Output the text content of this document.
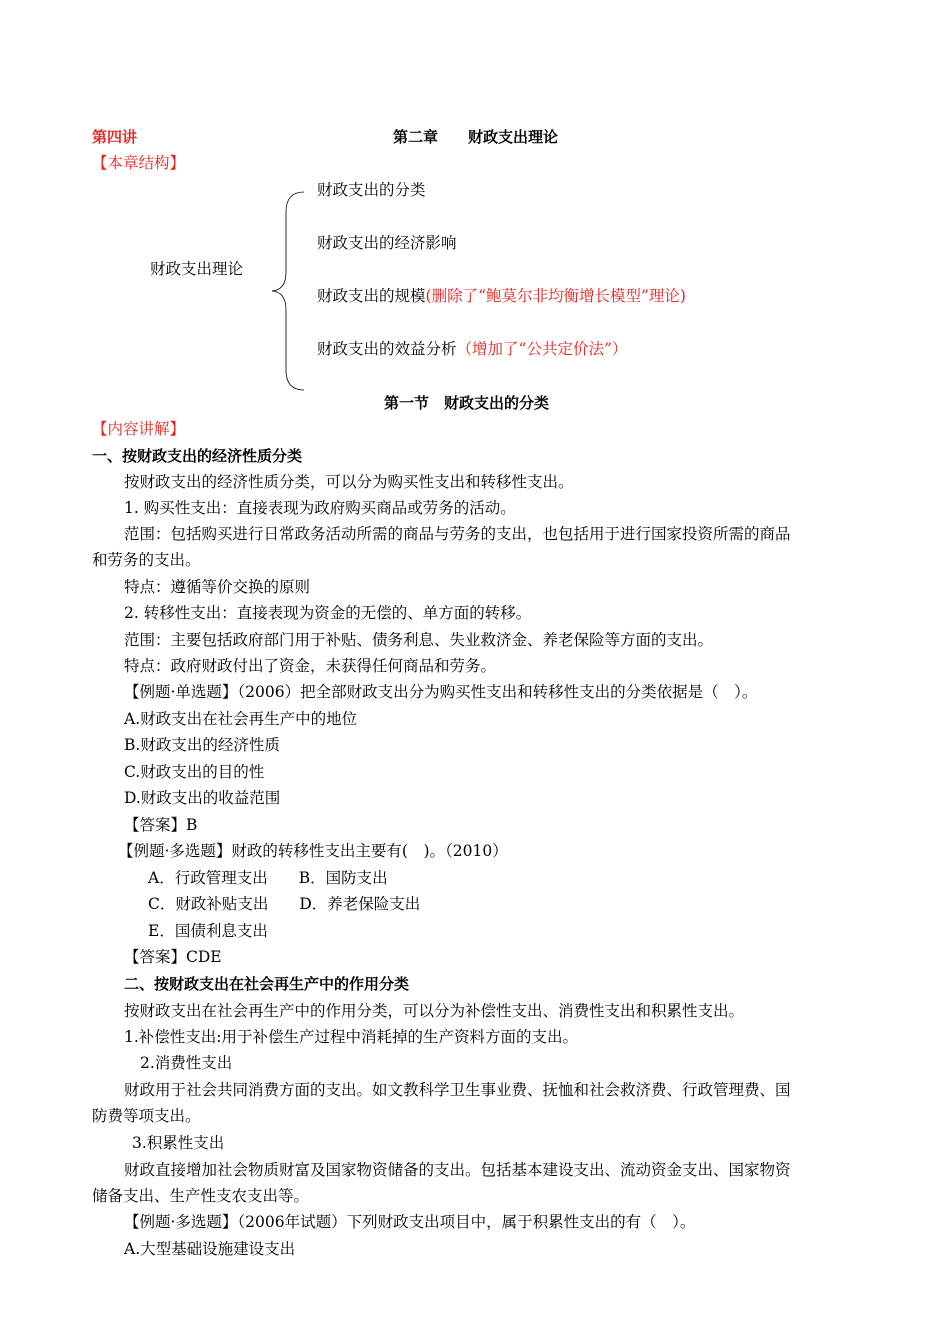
第四讲	第二章　　财政支出理论
【本章结构】
财政支出理论
财政支出的分类
财政支出的经济影响
财政支出的规模(删除了“鲍莫尔非均衡增长模型”理论)
财政支出的效益分析（增加了“公共定价法”）
第一节　财政支出的分类
【内容讲解】
一、按财政支出的经济性质分类
按财政支出的经济性质分类，可以分为购买性支出和转移性支出。
1. 购买性支出：直接表现为政府购买商品或劳务的活动。
范围：包括购买进行日常政务活动所需的商品与劳务的支出，也包括用于进行国家投资所需的商品
和劳务的支出。
特点：遵循等价交换的原则
2. 转移性支出：直接表现为资金的无偿的、单方面的转移。
范围：主要包括政府部门用于补贴、债务利息、失业救济金、养老保险等方面的支出。
特点：政府财政付出了资金，未获得任何商品和劳务。
【例题·单选题】（2006）把全部财政支出分为购买性支出和转移性支出的分类依据是（　）。
A.财政支出在社会再生产中的地位
B.财政支出的经济性质
C.财政支出的目的性
D.财政支出的收益范围
【答案】B
【例题·多选题】财政的转移性支出主要有(　)。（2010）
A．行政管理支出　　B．国防支出
C．财政补贴支出　　D．养老保险支出
E．国债利息支出
【答案】CDE
二、按财政支出在社会再生产中的作用分类
按财政支出在社会再生产中的作用分类，可以分为补偿性支出、消费性支出和积累性支出。
1.补偿性支出:用于补偿生产过程中消耗掉的生产资料方面的支出。
2.消费性支出
财政用于社会共同消费方面的支出。如文教科学卫生事业费、抚恤和社会救济费、行政管理费、国
防费等项支出。
3.积累性支出
财政直接增加社会物质财富及国家物资储备的支出。包括基本建设支出、流动资金支出、国家物资
储备支出、生产性支农支出等。
【例题·多选题】（2006年试题）下列财政支出项目中，属于积累性支出的有（　）。
A.大型基础设施建设支出
